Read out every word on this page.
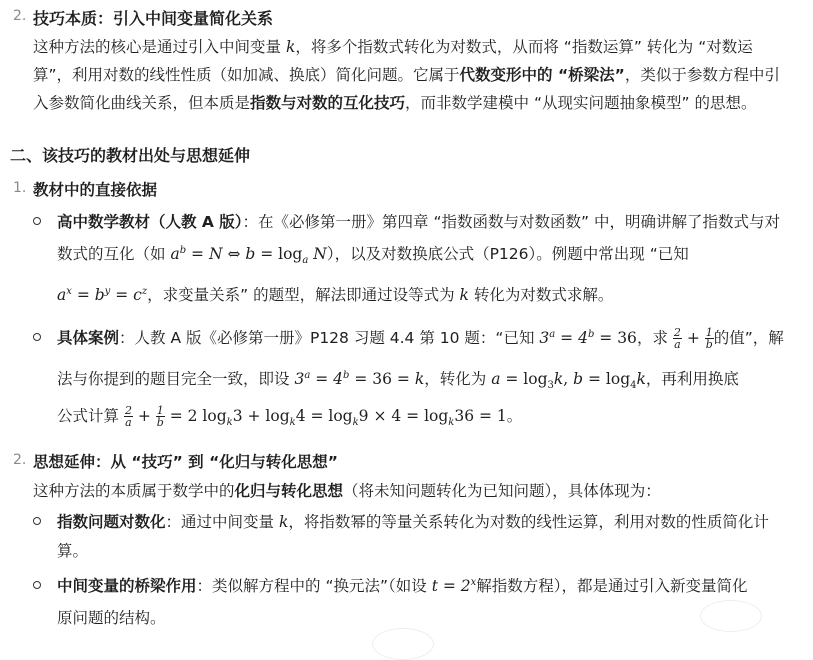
2. 技巧本质：引入中间变量简化关系
这种方法的核心是通过引入中间变量 k，将多个指数式转化为对数式，从而将 “指数运算” 转化为 “对数运
算”，利用对数的线性性质（如加减、换底）简化问题。它属于代数变形中的 “桥梁法”，类似于参数方程中引
入参数简化曲线关系，但本质是指数与对数的互化技巧，而非数学建模中 “从现实问题抽象模型” 的思想。
二、该技巧的教材出处与思想延伸
1. 教材中的直接依据
高中数学教材（人教 A 版）：在《必修第一册》第四章 “指数函数与对数函数” 中，明确讲解了指数式与对
数式的互化（如 $a^b = N$ ⇔ $b = \log_a N$），以及对数换底公式（P126）。例题中常出现 “已知
$a^x = b^y = c^z$，求变量关系” 的题型，解法即通过设等式为 k 转化为对数式求解。
具体案例：人教 A 版《必修第一册》P128 习题 4.4 第 10 题：“已知 $3^a = 4^b = 36$，求 $\frac{2}{a} + \frac{1}{b}$ 的值”，解
法与你提到的题目完全一致，即设 $3^a = 4^b = 36 = k$，转化为 $a = \log_3k$, $b = \log_4k$，再利用换底
公式计算 $\frac{2}{a} + \frac{1}{b} = 2$ $\log_k3 + \log_k4 = \log_k9 \times 4 = \log_k36 = 1$。
2. 思想延伸：从 “技巧” 到 “化归与转化思想”
这种方法的本质属于数学中的化归与转化思想（将未知问题转化为已知问题），具体体现为：
指数问题对数化：通过中间变量 k，将指数幂的等量关系转化为对数的线性运算，利用对数的性质简化计
算。
中间变量的桥梁作用：类似解方程中的 “换元法”（如设 $t = 2^x$解指数方程），都是通过引入新变量简化
原问题的结构。
